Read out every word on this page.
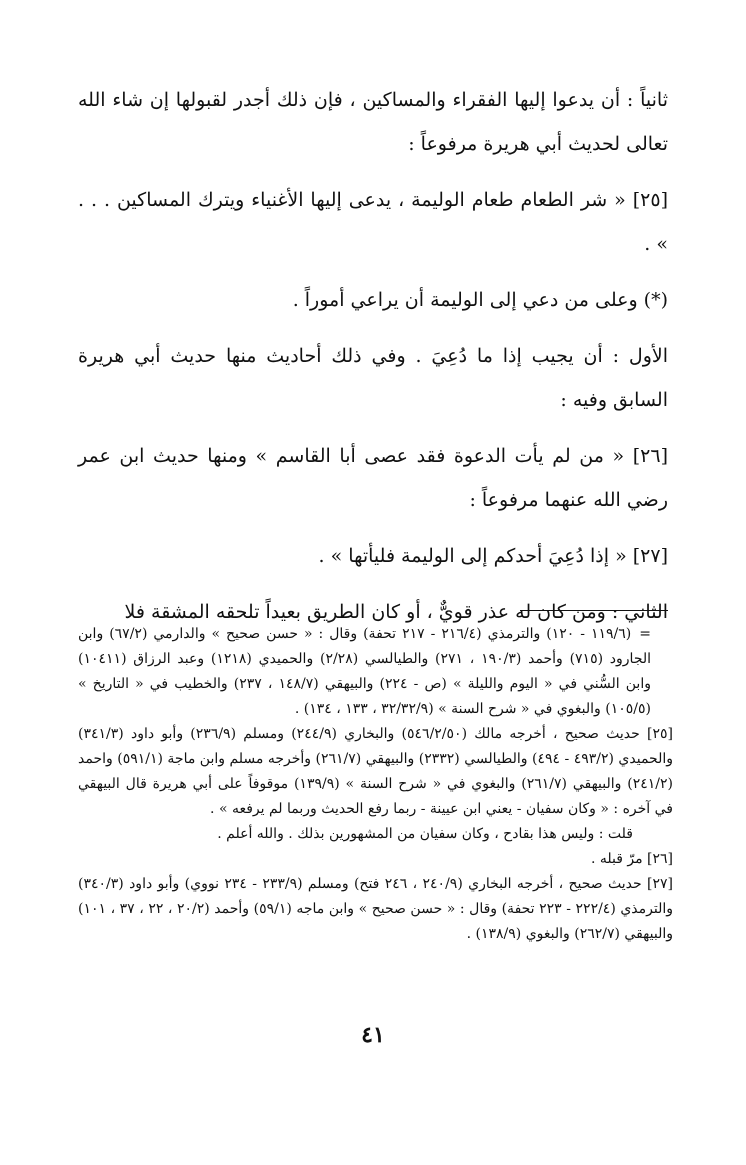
ثانياً : أن يدعوا إليها الفقراء والمساكين ، فإن ذلك أجدر لقبولها إن شاء الله تعالى لحديث أبي هريرة مرفوعاً :

[٢٥] « شر الطعام طعام الوليمة ، يدعى إليها الأغنياء ويترك المساكين . . . » .

(*) وعلى من دعي إلى الوليمة أن يراعي أموراً .

الأول : أن يجيب إذا ما دُعِيَ . وفي ذلك أحاديث منها حديث أبي هريرة السابق وفيه :

[٢٦] « من لم يأت الدعوة فقد عصى أبا القاسم » ومنها حديث ابن عمر رضي الله عنهما مرفوعاً :

[٢٧] « إذا دُعِيَ أحدكم إلى الوليمة فليأتها » .

الثاني : ومن كان له عذر قويٌّ ، أو كان الطريق بعيداً تلحقه المشقة فلا

=(١١٩/٦ - ١٢٠) والترمذي (٢١٦/٤ - ٢١٧ تحفة) وقال : « حسن صحيح » والدارمي (٦٧/٢) وابن الجارود (٧١٥) وأحمد (١٩٠/٣ ، ٢٧١) والطيالسي (٢/٢٨) والحميدي (١٢١٨) وعبد الرزاق (١٠٤١١) وابن السُّني في « اليوم والليلة » (ص - ٢٢٤) والبيهقي (١٤٨/٧ ، ٢٣٧) والخطيب في « التاريخ » (١٠٥/٥) والبغوي في « شرح السنة » (٣٢/٣٢/٩ ، ١٣٣ ، ١٣٤) .

[٢٥] حديث صحيح ، أخرجه مالك (٥٤٦/٢/٥٠) والبخاري (٢٤٤/٩) ومسلم (٢٣٦/٩) وأبو داود (٣٤١/٣) والحميدي (٤٩٣/٢ - ٤٩٤) والطيالسي (٢٣٣٢) والبيهقي (٢٦١/٧) وأخرجه مسلم وابن ماجة (٥٩١/١) واحمد (٢٤١/٢) والبيهقي (٢٦١/٧) والبغوي في « شرح السنة » (١٣٩/٩) موقوفاً على أبي هريرة قال البيهقي في آخره : « وكان سفيان - يعني ابن عيينة - ربما رفع الحديث وربما لم يرفعه » .

قلت : وليس هذا بقادح ، وكان سفيان من المشهورين بذلك . والله أعلم .

[٢٦] مرّ قبله .

[٢٧] حديث صحيح ، أخرجه البخاري (٢٤٠/٩ ، ٢٤٦ فتح) ومسلم (٢٣٣/٩ - ٢٣٤ نووي) وأبو داود (٣٤٠/٣) والترمذي (٢٢٢/٤ - ٢٢٣ تحفة) وقال : « حسن صحيح » وابن ماجه (٥٩/١) وأحمد (٢٠/٢ ، ٢٢ ، ٣٧ ، ١٠١) والبيهقي (٢٦٢/٧) والبغوي (١٣٨/٩) .

٤١
